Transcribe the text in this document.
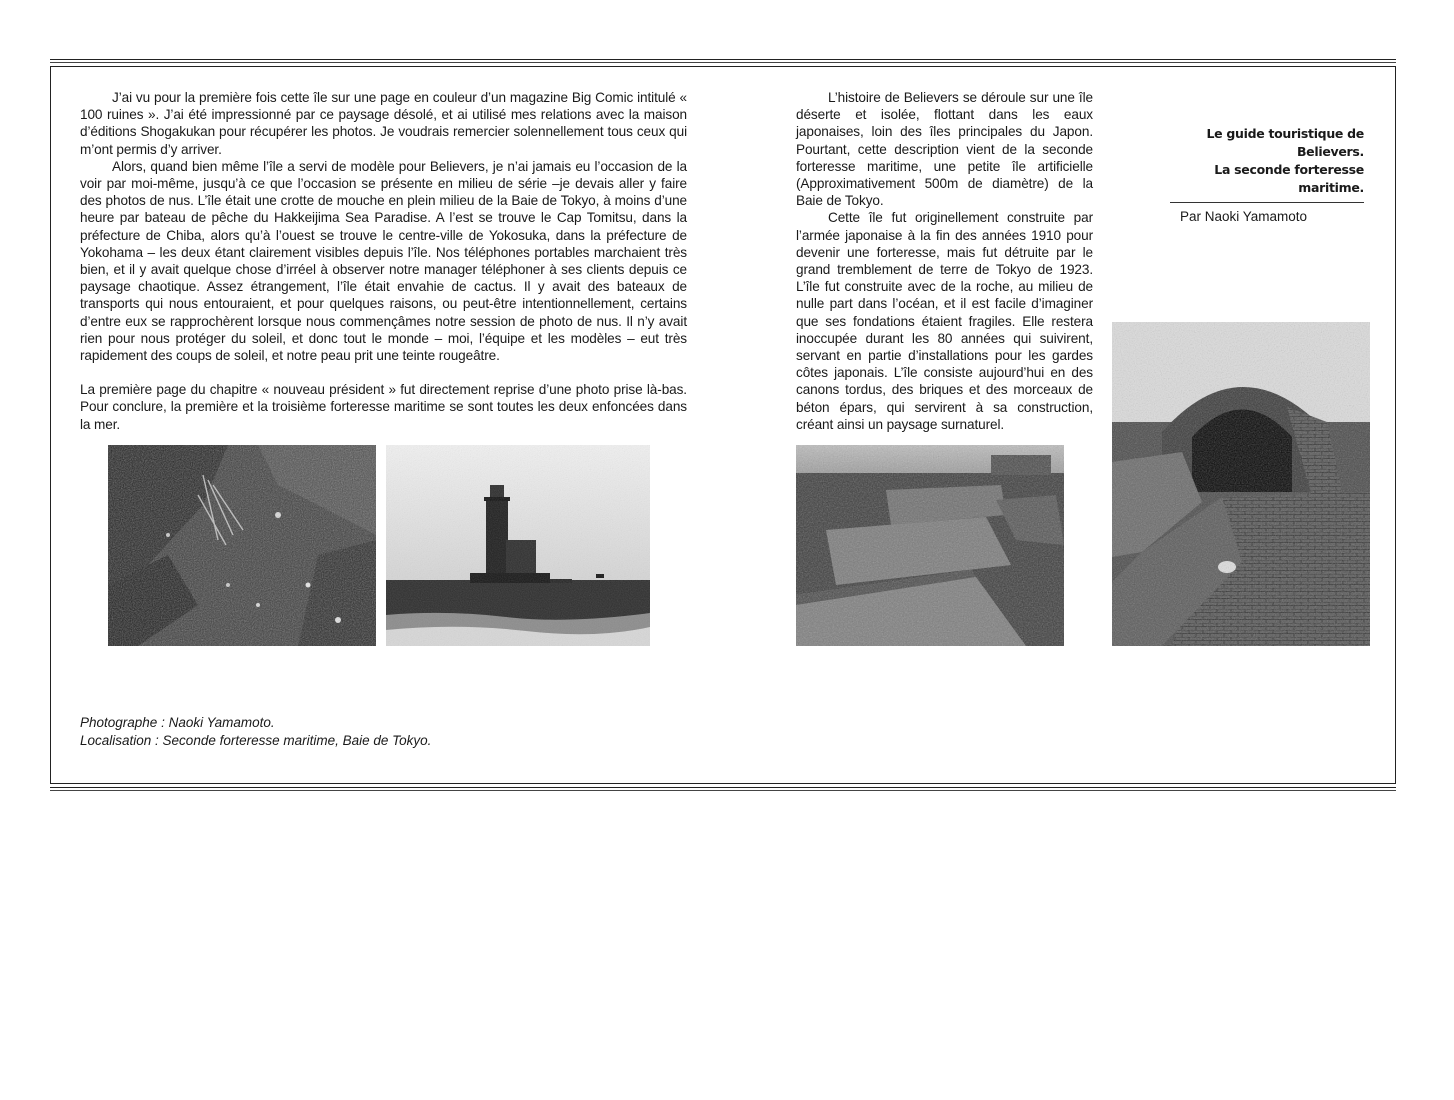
J’ai vu pour la première fois cette île sur une page en couleur d’un magazine Big Comic intitulé « 100 ruines ». J’ai été impressionné par ce paysage désolé, et ai utilisé mes relations avec la maison d’éditions Shogakukan pour récupérer les photos. Je voudrais remercier solennellement tous ceux qui m’ont permis d’y arriver.

Alors, quand bien même l’île a servi de modèle pour Believers, je n’ai jamais eu l’occasion de la voir par moi-même, jusqu’à ce que l’occasion se présente en milieu de série –je devais aller y faire des photos de nus. L’île était une crotte de mouche en plein milieu de la Baie de Tokyo, à moins d’une heure par bateau de pêche du Hakkeijima Sea Paradise. A l’est se trouve le Cap Tomitsu, dans la préfecture de Chiba, alors qu’à l’ouest se trouve le centre-ville de Yokosuka, dans la préfecture de Yokohama – les deux étant clairement visibles depuis l’île. Nos téléphones portables marchaient très bien, et il y avait quelque chose d’irréel à observer notre manager téléphoner à ses clients depuis ce paysage chaotique. Assez étrangement, l’île était envahie de cactus. Il y avait des bateaux de transports qui nous entouraient, et pour quelques raisons, ou peut-être intentionnellement, certains d’entre eux se rapprochèrent lorsque nous commençâmes notre session de photo de nus. Il n’y avait rien pour nous protéger du soleil, et donc tout le monde – moi, l’équipe et les modèles – eut très rapidement des coups de soleil, et notre peau prit une teinte rougeâtre.

La première page du chapitre « nouveau président » fut directement reprise d’une photo prise là-bas. Pour conclure, la première et la troisième forteresse maritime se sont toutes les deux enfoncées dans la mer.

L’histoire de Believers se déroule sur une île déserte et isolée, flottant dans les eaux japonaises, loin des îles principales du Japon. Pourtant, cette description vient de la seconde forteresse maritime, une petite île artificielle (Approximativement 500m de diamètre) de la Baie de Tokyo.

Cette île fut originellement construite par l’armée japonaise à la fin des années 1910 pour devenir une forteresse, mais fut détruite par le grand tremblement de terre de Tokyo de 1923. L’île fut construite avec de la roche, au milieu de nulle part dans l’océan, et il est facile d’imaginer que ses fondations étaient fragiles. Elle restera inoccupée durant les 80 années qui suivirent, servant en partie d’installations pour les gardes côtes japonais. L’île consiste aujourd’hui en des canons tordus, des briques et des morceaux de béton épars, qui servirent à sa construction, créant ainsi un paysage surnaturel.

Le guide touristique de Believers.
La seconde forteresse maritime.
Par Naoki Yamamoto
Photographe : Naoki Yamamoto.
Localisation : Seconde forteresse maritime, Baie de Tokyo.
